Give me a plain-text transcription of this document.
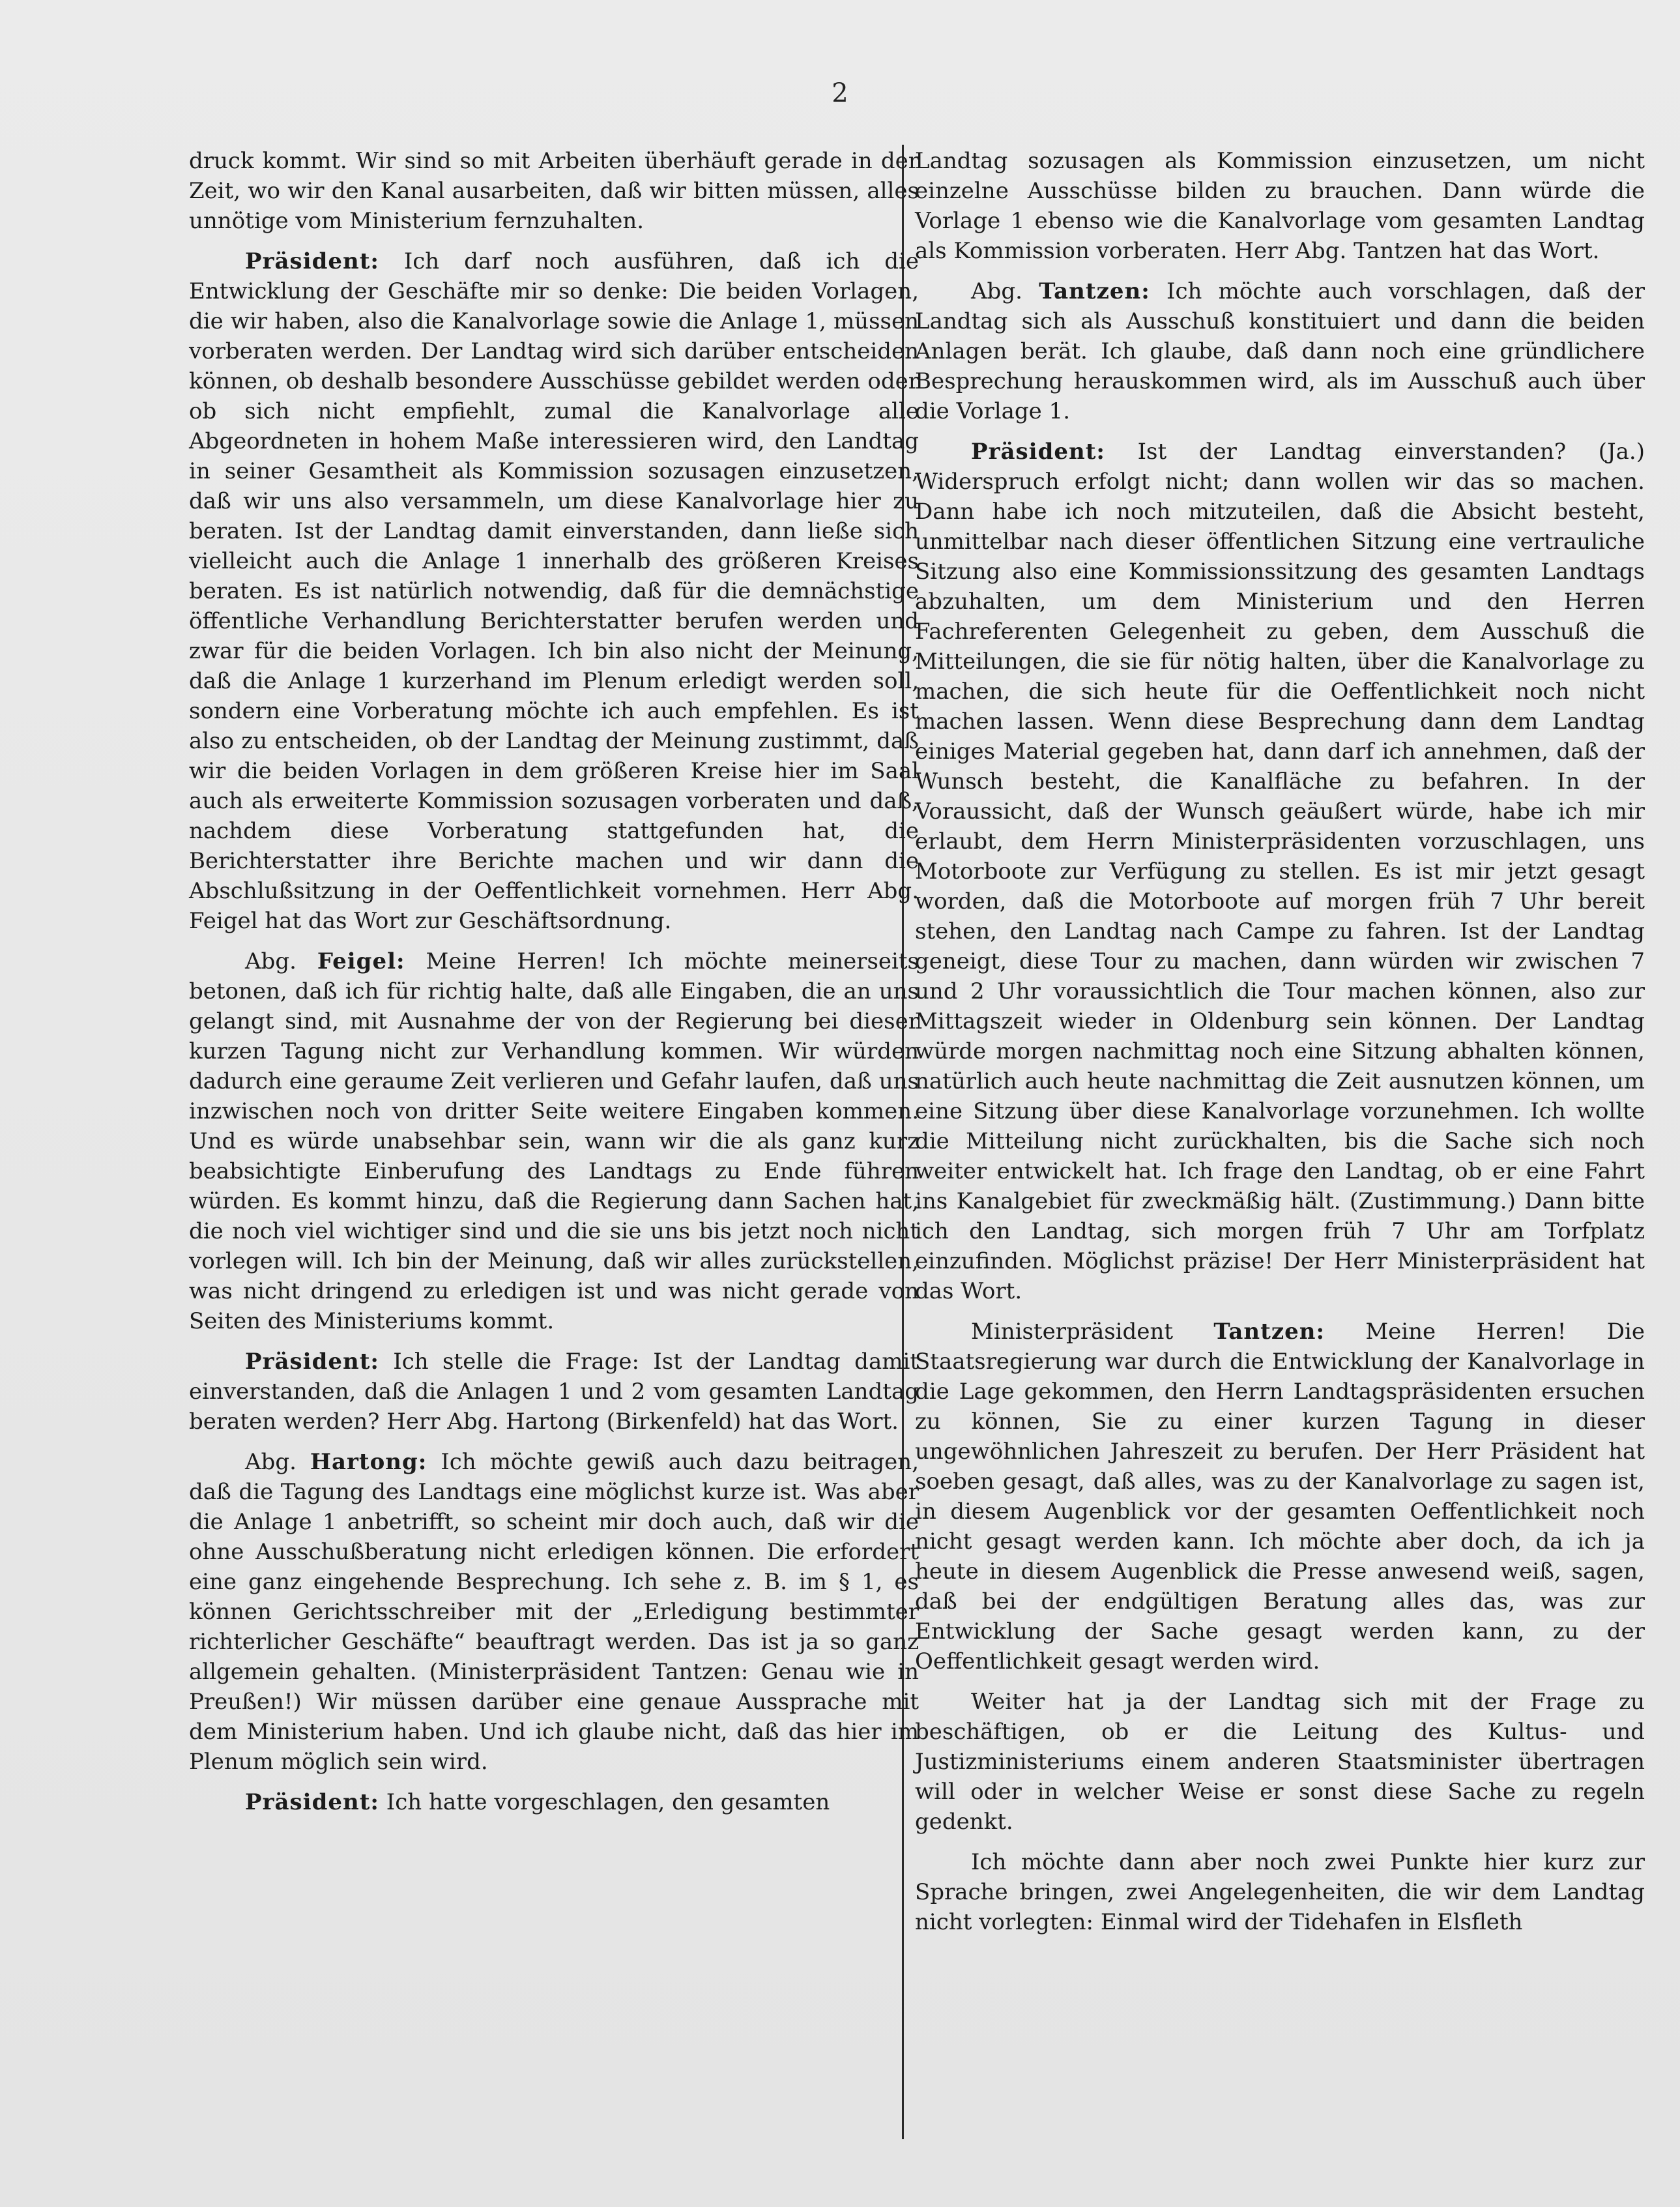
2

druck kommt. Wir sind so mit Arbeiten überhäuft gerade in der Zeit, wo wir den Kanal ausarbeiten, daß wir bitten müssen, alles unnötige vom Ministerium fernzuhalten.

Präsident: Ich darf noch ausführen, daß ich die Entwicklung der Geschäfte mir so denke: Die beiden Vorlagen, die wir haben, also die Kanalvorlage sowie die Anlage 1, müssen vorberaten werden. Der Landtag wird sich darüber entscheiden können, ob deshalb besondere Ausschüsse gebildet werden oder ob sich nicht empfiehlt, zumal die Kanalvorlage alle Abgeordneten in hohem Maße interessieren wird, den Landtag in seiner Gesamtheit als Kommission sozusagen einzusetzen, daß wir uns also versammeln, um diese Kanalvorlage hier zu beraten. Ist der Landtag damit einverstanden, dann ließe sich vielleicht auch die Anlage 1 innerhalb des größeren Kreises beraten. Es ist natürlich notwendig, daß für die demnächstige öffentliche Verhandlung Berichterstatter berufen werden und zwar für die beiden Vorlagen. Ich bin also nicht der Meinung, daß die Anlage 1 kurzerhand im Plenum erledigt werden soll, sondern eine Vorberatung möchte ich auch empfehlen. Es ist also zu entscheiden, ob der Landtag der Meinung zustimmt, daß wir die beiden Vorlagen in dem größeren Kreise hier im Saal auch als erweiterte Kommission sozusagen vorberaten und daß, nachdem diese Vorberatung stattgefunden hat, die Berichterstatter ihre Berichte machen und wir dann die Abschlußsitzung in der Oeffentlichkeit vornehmen. Herr Abg. Feigel hat das Wort zur Geschäftsordnung.

Abg. Feigel: Meine Herren! Ich möchte meinerseits betonen, daß ich für richtig halte, daß alle Eingaben, die an uns gelangt sind, mit Ausnahme der von der Regierung bei dieser kurzen Tagung nicht zur Verhandlung kommen. Wir würden dadurch eine geraume Zeit verlieren und Gefahr laufen, daß uns inzwischen noch von dritter Seite weitere Eingaben kommen. Und es würde unabsehbar sein, wann wir die als ganz kurz beabsichtigte Einberufung des Landtags zu Ende führen würden. Es kommt hinzu, daß die Regierung dann Sachen hat, die noch viel wichtiger sind und die sie uns bis jetzt noch nicht vorlegen will. Ich bin der Meinung, daß wir alles zurückstellen, was nicht dringend zu erledigen ist und was nicht gerade von Seiten des Ministeriums kommt.

Präsident: Ich stelle die Frage: Ist der Landtag damit einverstanden, daß die Anlagen 1 und 2 vom gesamten Landtag beraten werden? Herr Abg. Hartong (Birkenfeld) hat das Wort.

Abg. Hartong: Ich möchte gewiß auch dazu beitragen, daß die Tagung des Landtags eine möglichst kurze ist. Was aber die Anlage 1 anbetrifft, so scheint mir doch auch, daß wir die ohne Ausschußberatung nicht erledigen können. Die erfordert eine ganz eingehende Besprechung. Ich sehe z. B. im § 1, es können Gerichtsschreiber mit der „Erledigung bestimmter richterlicher Geschäfte“ beauftragt werden. Das ist ja so ganz allgemein gehalten. (Ministerpräsident Tantzen: Genau wie in Preußen!) Wir müssen darüber eine genaue Aussprache mit dem Ministerium haben. Und ich glaube nicht, daß das hier im Plenum möglich sein wird.

Präsident: Ich hatte vorgeschlagen, den gesamten

Landtag sozusagen als Kommission einzusetzen, um nicht einzelne Ausschüsse bilden zu brauchen. Dann würde die Vorlage 1 ebenso wie die Kanalvorlage vom gesamten Landtag als Kommission vorberaten. Herr Abg. Tantzen hat das Wort.

Abg. Tantzen: Ich möchte auch vorschlagen, daß der Landtag sich als Ausschuß konstituiert und dann die beiden Anlagen berät. Ich glaube, daß dann noch eine gründlichere Besprechung herauskommen wird, als im Ausschuß auch über die Vorlage 1.

Präsident: Ist der Landtag einverstanden? (Ja.) Widerspruch erfolgt nicht; dann wollen wir das so machen. Dann habe ich noch mitzuteilen, daß die Absicht besteht, unmittelbar nach dieser öffentlichen Sitzung eine vertrauliche Sitzung also eine Kommissionssitzung des gesamten Landtags abzuhalten, um dem Ministerium und den Herren Fachreferenten Gelegenheit zu geben, dem Ausschuß die Mitteilungen, die sie für nötig halten, über die Kanalvorlage zu machen, die sich heute für die Oeffentlichkeit noch nicht machen lassen. Wenn diese Besprechung dann dem Landtag einiges Material gegeben hat, dann darf ich annehmen, daß der Wunsch besteht, die Kanalfläche zu befahren. In der Voraussicht, daß der Wunsch geäußert würde, habe ich mir erlaubt, dem Herrn Ministerpräsidenten vorzuschlagen, uns Motorboote zur Verfügung zu stellen. Es ist mir jetzt gesagt worden, daß die Motorboote auf morgen früh 7 Uhr bereit stehen, den Landtag nach Campe zu fahren. Ist der Landtag geneigt, diese Tour zu machen, dann würden wir zwischen 7 und 2 Uhr voraussichtlich die Tour machen können, also zur Mittagszeit wieder in Oldenburg sein können. Der Landtag würde morgen nachmittag noch eine Sitzung abhalten können, natürlich auch heute nachmittag die Zeit ausnutzen können, um eine Sitzung über diese Kanalvorlage vorzunehmen. Ich wollte die Mitteilung nicht zurückhalten, bis die Sache sich noch weiter entwickelt hat. Ich frage den Landtag, ob er eine Fahrt ins Kanalgebiet für zweckmäßig hält. (Zustimmung.) Dann bitte ich den Landtag, sich morgen früh 7 Uhr am Torfplatz einzufinden. Möglichst präzise! Der Herr Ministerpräsident hat das Wort.

Ministerpräsident Tantzen: Meine Herren! Die Staatsregierung war durch die Entwicklung der Kanalvorlage in die Lage gekommen, den Herrn Landtagspräsidenten ersuchen zu können, Sie zu einer kurzen Tagung in dieser ungewöhnlichen Jahreszeit zu berufen. Der Herr Präsident hat soeben gesagt, daß alles, was zu der Kanalvorlage zu sagen ist, in diesem Augenblick vor der gesamten Oeffentlichkeit noch nicht gesagt werden kann. Ich möchte aber doch, da ich ja heute in diesem Augenblick die Presse anwesend weiß, sagen, daß bei der endgültigen Beratung alles das, was zur Entwicklung der Sache gesagt werden kann, zu der Oeffentlichkeit gesagt werden wird.

Weiter hat ja der Landtag sich mit der Frage zu beschäftigen, ob er die Leitung des Kultus- und Justizministeriums einem anderen Staatsminister übertragen will oder in welcher Weise er sonst diese Sache zu regeln gedenkt.

Ich möchte dann aber noch zwei Punkte hier kurz zur Sprache bringen, zwei Angelegenheiten, die wir dem Landtag nicht vorlegten: Einmal wird der Tidehafen in Elsfleth
